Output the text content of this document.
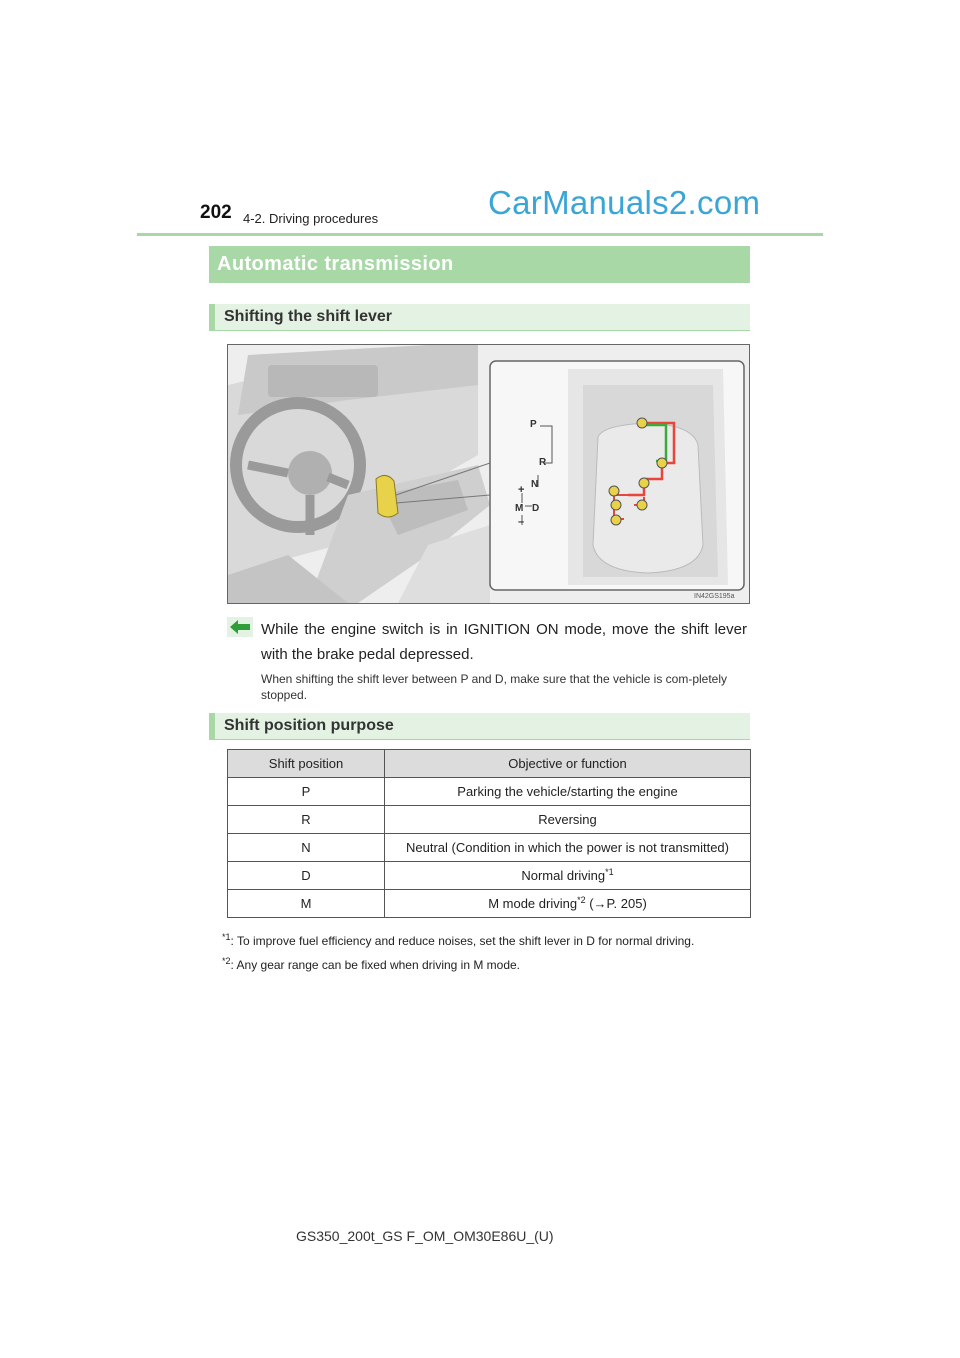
202 4-2. Driving procedures	CarManuals2.com
Automatic transmission
Shifting the shift lever
P
R
N
D
M
+
–
IN42GS195a
While the engine switch is in IGNITION ON mode, move the shift lever with the brake pedal depressed.
When shifting the shift lever between P and D, make sure that the vehicle is com-pletely stopped.
Shift position purpose
Shift position	Objective or function
P	Parking the vehicle/starting the engine
R	Reversing
N	Neutral (Condition in which the power is not transmitted)
D	Normal driving$^{*1}$
M	M mode driving$^{*2}$ (→P. 205)
$^{*1}$: To improve fuel efficiency and reduce noises, set the shift lever in D for normal driving.
$^{*2}$: Any gear range can be fixed when driving in M mode.
GS350_200t_GS F_OM_OM30E86U_(U)
